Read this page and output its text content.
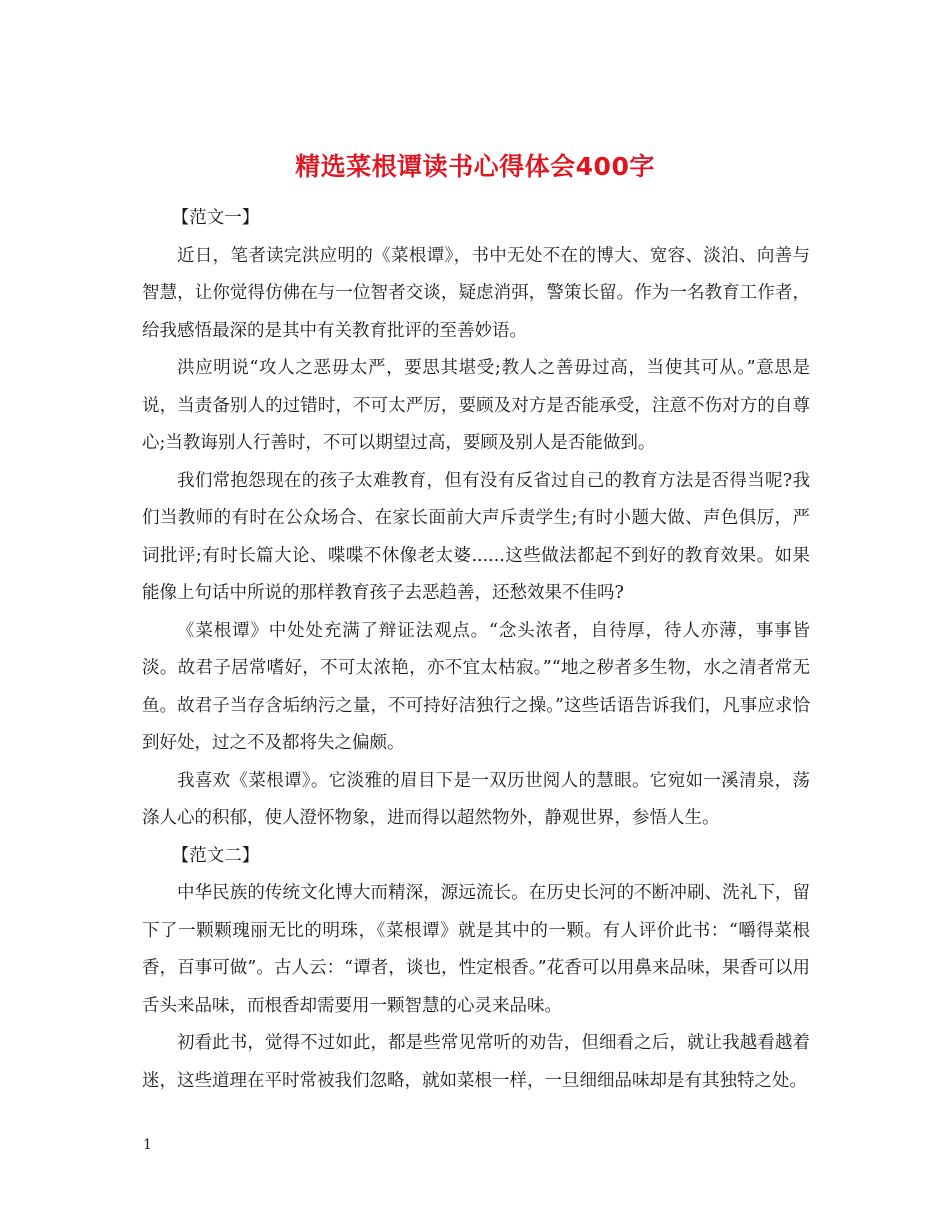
精选菜根谭读书心得体会400字

【范文一】

近日，笔者读完洪应明的《菜根谭》，书中无处不在的博大、宽容、淡泊、向善与智慧，让你觉得仿佛在与一位智者交谈，疑虑消弭，警策长留。作为一名教育工作者，给我感悟最深的是其中有关教育批评的至善妙语。

洪应明说“攻人之恶毋太严，要思其堪受;教人之善毋过高，当使其可从。”意思是说，当责备别人的过错时，不可太严厉，要顾及对方是否能承受，注意不伤对方的自尊心;当教诲别人行善时，不可以期望过高，要顾及别人是否能做到。

我们常抱怨现在的孩子太难教育，但有没有反省过自己的教育方法是否得当呢?我们当教师的有时在公众场合、在家长面前大声斥责学生;有时小题大做、声色俱厉，严词批评;有时长篇大论、喋喋不休像老太婆......这些做法都起不到好的教育效果。如果能像上句话中所说的那样教育孩子去恶趋善，还愁效果不佳吗?

《菜根谭》中处处充满了辩证法观点。“念头浓者，自待厚，待人亦薄，事事皆淡。故君子居常嗜好，不可太浓艳，亦不宜太枯寂。”“地之秽者多生物，水之清者常无鱼。故君子当存含垢纳污之量，不可持好洁独行之操。”这些话语告诉我们，凡事应求恰到好处，过之不及都将失之偏颇。

我喜欢《菜根谭》。它淡雅的眉目下是一双历世阅人的慧眼。它宛如一溪清泉，荡涤人心的积郁，使人澄怀物象，进而得以超然物外，静观世界，参悟人生。

【范文二】

中华民族的传统文化博大而精深，源远流长。在历史长河的不断冲刷、洗礼下，留下了一颗颗瑰丽无比的明珠，《菜根谭》就是其中的一颗。有人评价此书：“嚼得菜根香，百事可做”。古人云：“谭者，谈也，性定根香。”花香可以用鼻来品味，果香可以用舌头来品味，而根香却需要用一颗智慧的心灵来品味。

初看此书，觉得不过如此，都是些常见常听的劝告，但细看之后，就让我越看越着迷，这些道理在平时常被我们忽略，就如菜根一样，一旦细细品味却是有其独特之处。

1
